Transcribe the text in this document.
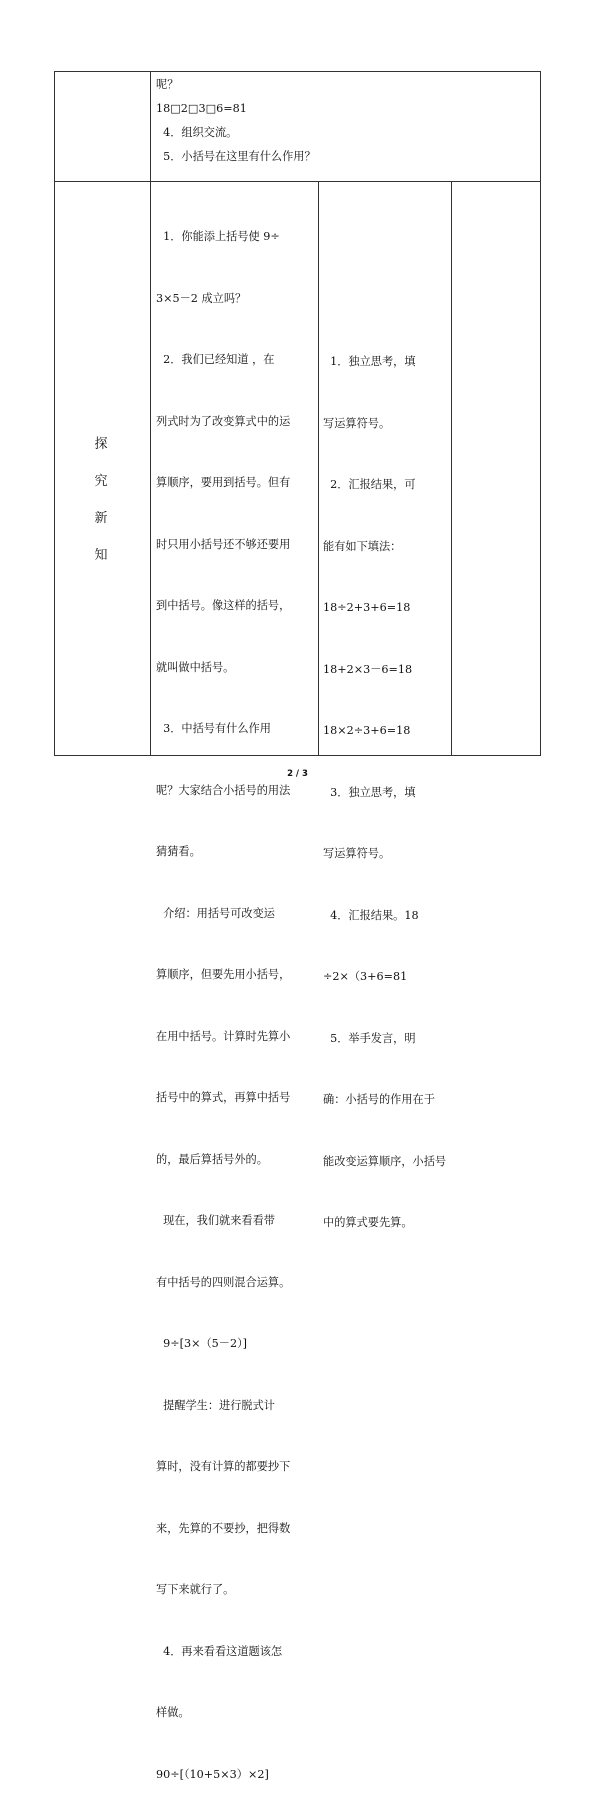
呢？
18□2□3□6=81
4．组织交流。
5．小括号在这里有什么作用？
探
究
新
知

1．你能添上括号使 9÷

3×5－2 成立吗？

2．我们已经知道 ，在

列式时为了改变算式中的运

算顺序，要用到括号。但有

时只用小括号还不够还要用

到中括号。像这样的括号，

就叫做中括号。

3．中括号有什么作用

呢？大家结合小括号的用法

猜猜看。

介绍：用括号可改变运

算顺序，但要先用小括号，

在用中括号。计算时先算小

括号中的算式，再算中括号

的，最后算括号外的。

现在，我们就来看看带

有中括号的四则混合运算。

9÷[3×（5－2）]

提醒学生：进行脱式计

算时，没有计算的都要抄下

来，先算的不要抄，把得数

写下来就行了。

4．再来看看这道题该怎

样做。

90÷[（10+5×3）×2]

1．独立思考，填

写运算符号。

2．汇报结果，可

能有如下填法：

18÷2+3+6=18

18+2×3－6=18

18×2÷3+6=18

3．独立思考，填

写运算符号。

4．汇报结果。18

÷2×（3+6=81

5．举手发言，明

确：小括号的作用在于

能改变运算顺序，小括号

中的算式要先算。

2 / 3
